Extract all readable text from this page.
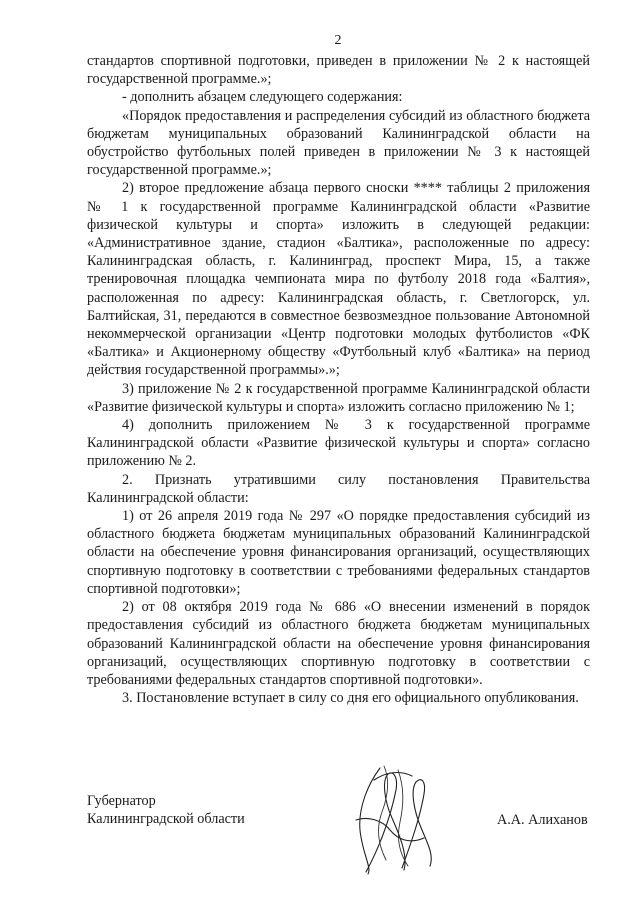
2

стандартов спортивной подготовки, приведен в приложении № 2 к настоящей государственной программе.»;

- дополнить абзацем следующего содержания:

«Порядок предоставления и распределения субсидий из областного бюджета бюджетам муниципальных образований Калининградской области на обустройство футбольных полей приведен в приложении № 3 к настоящей государственной программе.»;

2) второе предложение абзаца первого сноски **** таблицы 2 приложения № 1 к государственной программе Калининградской области «Развитие физической культуры и спорта» изложить в следующей редакции: «Административное здание, стадион «Балтика», расположенные по адресу: Калининградская область, г. Калининград, проспект Мира, 15, а также тренировочная площадка чемпионата мира по футболу 2018 года «Балтия», расположенная по адресу: Калининградская область, г. Светлогорск, ул. Балтийская, 31, передаются в совместное безвозмездное пользование Автономной некоммерческой организации «Центр подготовки молодых футболистов «ФК «Балтика» и Акционерному обществу «Футбольный клуб «Балтика» на период действия государственной программы».»;

3) приложение № 2 к государственной программе Калининградской области «Развитие физической культуры и спорта» изложить согласно приложению № 1;

4) дополнить приложением № 3 к государственной программе Калининградской области «Развитие физической культуры и спорта» согласно приложению № 2.

2. Признать утратившими силу постановления Правительства Калининградской области:

1) от 26 апреля 2019 года № 297 «О порядке предоставления субсидий из областного бюджета бюджетам муниципальных образований Калининградской области на обеспечение уровня финансирования организаций, осуществляющих спортивную подготовку в соответствии с требованиями федеральных стандартов спортивной подготовки»;

2) от 08 октября 2019 года № 686 «О внесении изменений в порядок предоставления субсидий из областного бюджета бюджетам муниципальных образований Калининградской области на обеспечение уровня финансирования организаций, осуществляющих спортивную подготовку в соответствии с требованиями федеральных стандартов спортивной подготовки».

3. Постановление вступает в силу со дня его официального опубликования.

Губернатор
Калининградской области	А.А. Алиханов
